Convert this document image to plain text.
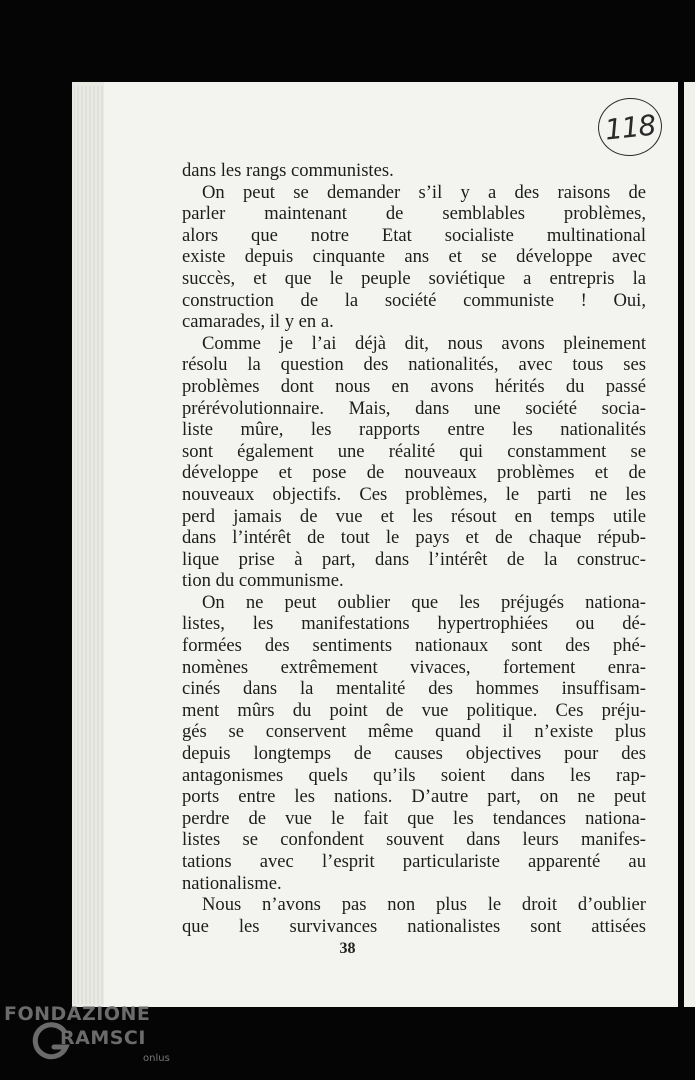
118
dans les rangs communistes.
On peut se demander s’il y a des raisons de
parler maintenant de semblables problèmes,
alors que notre Etat socialiste multinational
existe depuis cinquante ans et se développe avec
succès, et que le peuple soviétique a entrepris la
construction de la société communiste ! Oui,
camarades, il y en a.
Comme je l’ai déjà dit, nous avons pleinement
résolu la question des nationalités, avec tous ses
problèmes dont nous en avons hérités du passé
prérévolutionnaire. Mais, dans une société socia-
liste mûre, les rapports entre les nationalités
sont également une réalité qui constamment se
développe et pose de nouveaux problèmes et de
nouveaux objectifs. Ces problèmes, le parti ne les
perd jamais de vue et les résout en temps utile
dans l’intérêt de tout le pays et de chaque répub-
lique prise à part, dans l’intérêt de la construc-
tion du communisme.
On ne peut oublier que les préjugés nationa-
listes, les manifestations hypertrophiées ou dé-
formées des sentiments nationaux sont des phé-
nomènes extrêmement vivaces, fortement enra-
cinés dans la mentalité des hommes insuffisam-
ment mûrs du point de vue politique. Ces préju-
gés se conservent même quand il n’existe plus
depuis longtemps de causes objectives pour des
antagonismes quels qu’ils soient dans les rap-
ports entre les nations. D’autre part, on ne peut
perdre de vue le fait que les tendances nationa-
listes se confondent souvent dans leurs manifes-
tations avec l’esprit particulariste apparenté au
nationalisme.
Nous n’avons pas non plus le droit d’oublier
que les survivances nationalistes sont attisées
38
FONDAZIONE
RAMSCI
onlus
